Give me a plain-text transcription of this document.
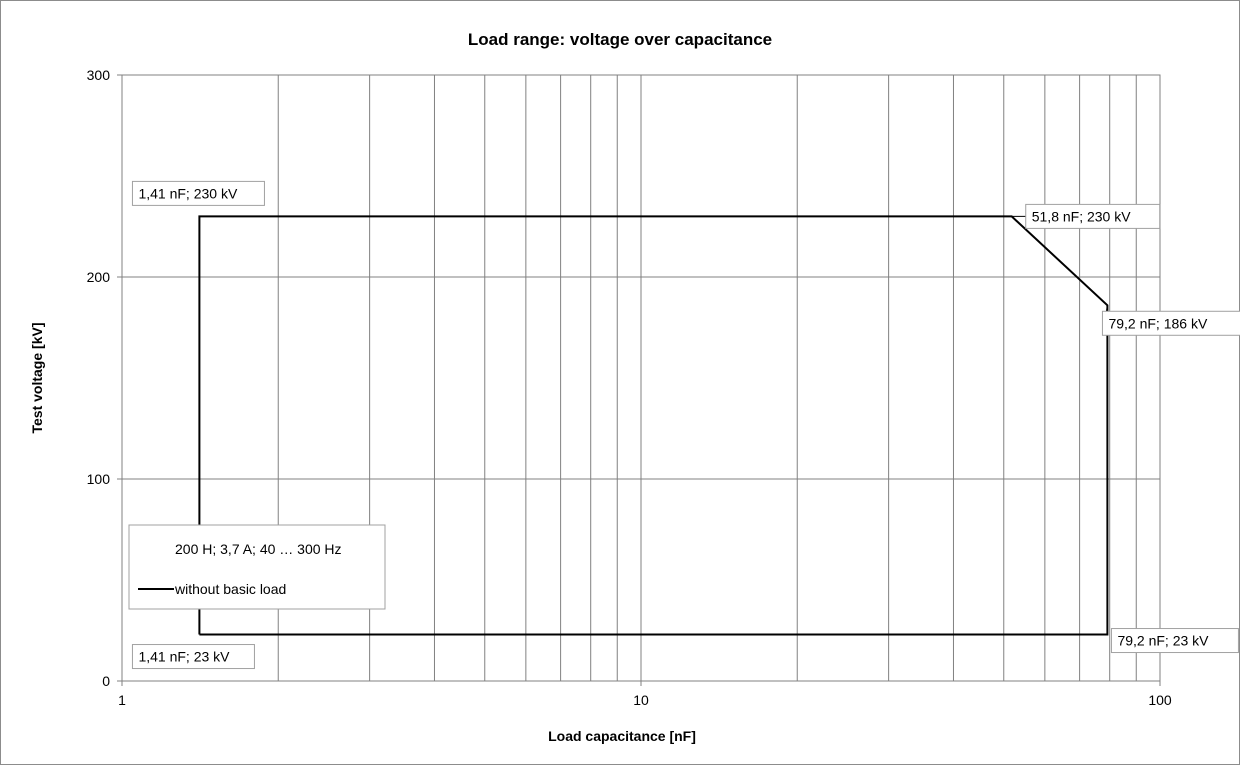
1	10	100
0
100
200
300
1,41 nF; 230 kV
51,8 nF; 230 kV
79,2 nF; 186 kV
79,2 nF; 23 kV
1,41 nF; 23 kV
200 H; 3,7 A; 40 … 300 Hz
without basic load
Load range: voltage over capacitance
Load capacitance [nF]
Test voltage [kV]
